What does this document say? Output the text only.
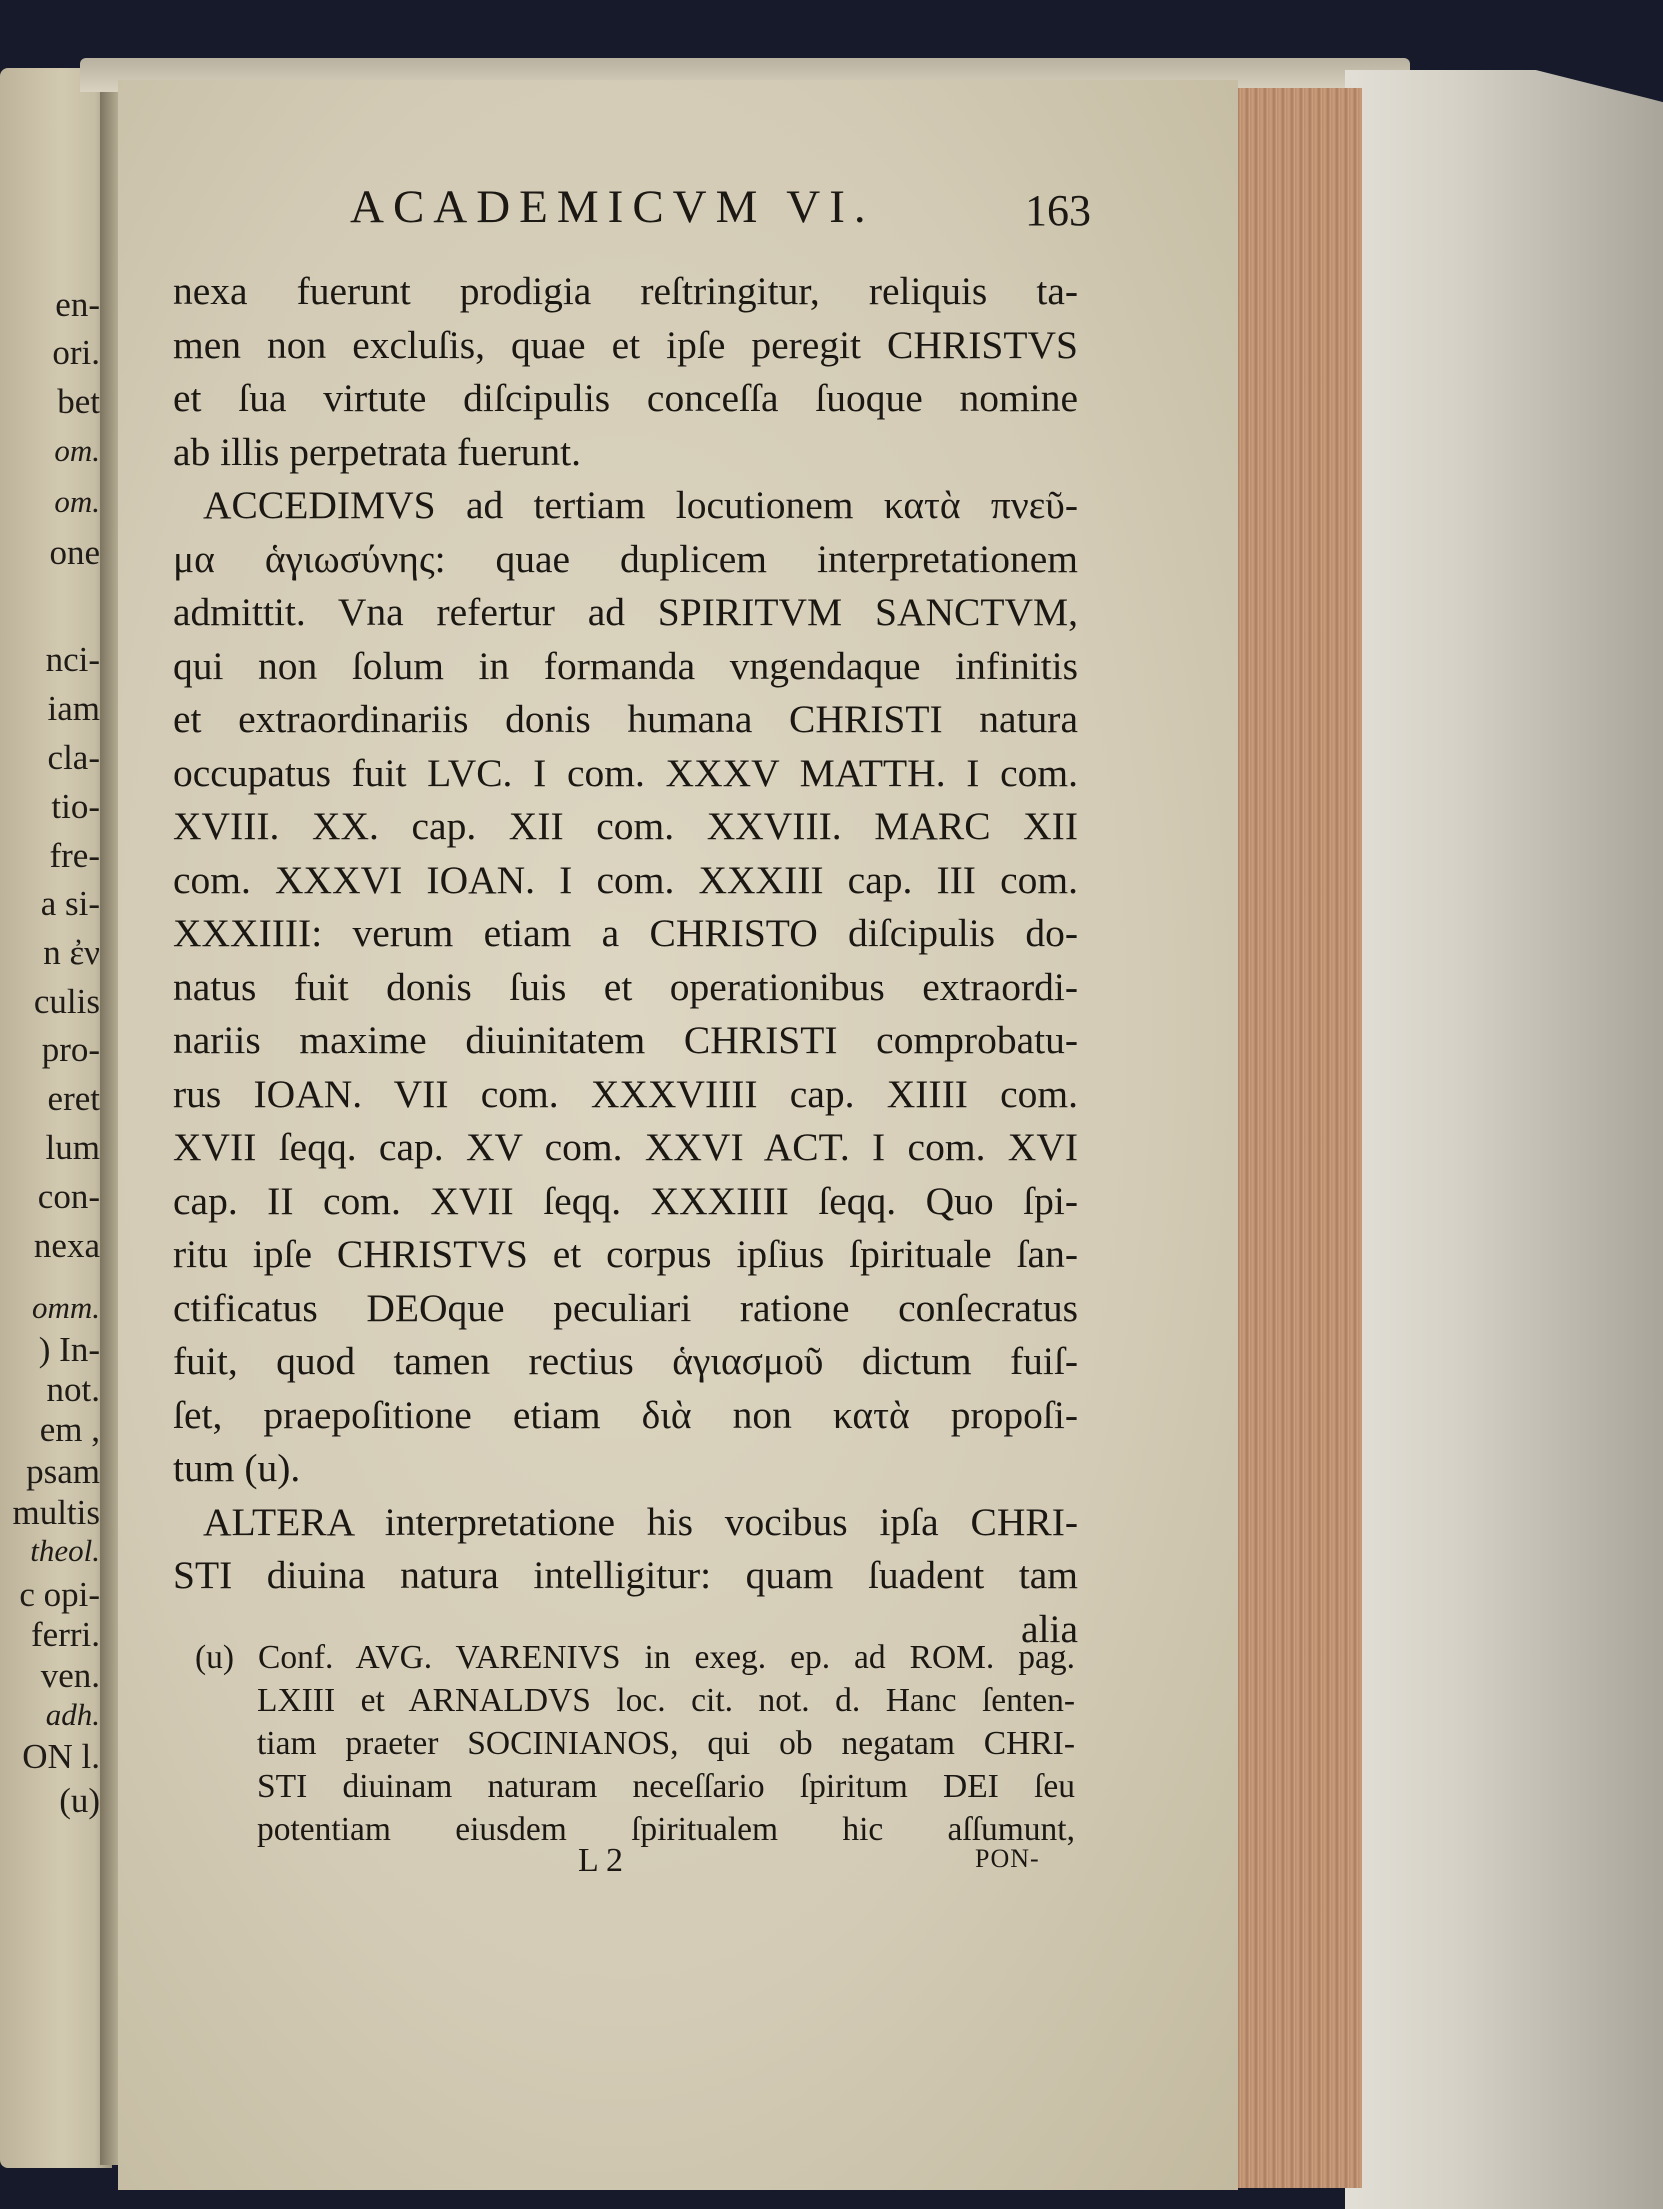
en-
ori.
bet
om.
om.
one
nci-
iam
cla-
tio-
fre-
a si-
n ἐν
culis
pro-
eret
lum
con-
nexa
omm.
) In-
not.
em ,
psam
multis
theol.
c opi-
ferri.
ven.
adh.
ON l.
(u)
ACADEMICVM VI.	163
nexa fuerunt prodigia reſtringitur, reliquis ta-
men non excluſis, quae et ipſe peregit CHRISTVS
et ſua virtute diſcipulis conceſſa ſuoque nomine
ab illis perpetrata fuerunt.
ACCEDIMVS ad tertiam locutionem κατὰ πνεῦ-
μα ἁγιωσύνης: quae duplicem interpretationem
admittit. Vna refertur ad SPIRITVM SANCTVM,
qui non ſolum in formanda vngendaque infinitis
et extraordinariis donis humana CHRISTI natura
occupatus fuit LVC. I com. XXXV MATTH. I com.
XVIII. XX. cap. XII com. XXVIII. MARC XII
com. XXXVI IOAN. I com. XXXIII cap. III com.
XXXIIII: verum etiam a CHRISTO diſcipulis do-
natus fuit donis ſuis et operationibus extraordi-
nariis maxime diuinitatem CHRISTI comprobatu-
rus IOAN. VII com. XXXVIIII cap. XIIII com.
XVII ſeqq. cap. XV com. XXVI ACT. I com. XVI
cap. II com. XVII ſeqq. XXXIIII ſeqq. Quo ſpi-
ritu ipſe CHRISTVS et corpus ipſius ſpirituale ſan-
ctificatus DEOque peculiari ratione conſecratus
fuit, quod tamen rectius ἁγιασμοῦ dictum fuiſ-
ſet, praepoſitione etiam διὰ non κατὰ propoſi-
tum (u).
ALTERA interpretatione his vocibus ipſa CHRI-
STI diuina natura intelligitur: quam ſuadent tam
alia
(u) Conf. AVG. VARENIVS in exeg. ep. ad ROM. pag.
LXIII et ARNALDVS loc. cit. not. d. Hanc ſenten-
tiam praeter SOCINIANOS, qui ob negatam CHRI-
STI diuinam naturam neceſſario ſpiritum DEI ſeu
potentiam eiusdem ſpiritualem hic aſſumunt,
L 2	PON-
